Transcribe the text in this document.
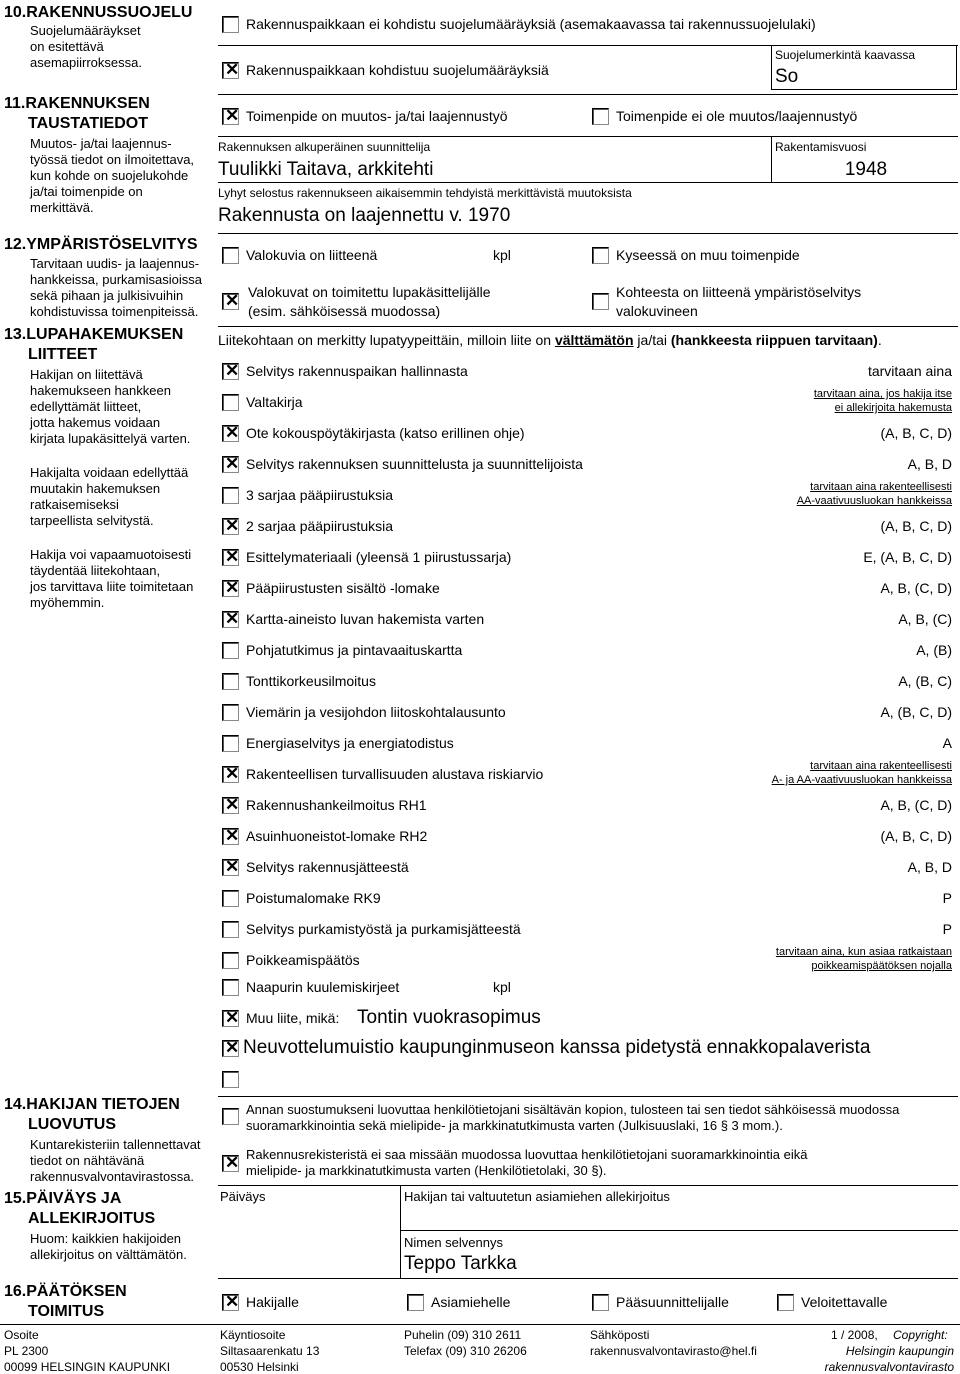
10.RAKENNUSSUOJELU
Suojelumääräykset
on esitettävä
asemapiirroksessa.
11.RAKENNUKSEN
TAUSTATIEDOT
Muutos- ja/tai laajennus-
työssä tiedot on ilmoitettava,
kun kohde on suojelukohde
ja/tai toimenpide on
merkittävä.
12.YMPÄRISTÖSELVITYS
Tarvitaan uudis- ja laajennus-
hankkeissa, purkamisasioissa
sekä pihaan ja julkisivuihin
kohdistuvissa toimenpiteissä.
13.LUPAHAKEMUKSEN
LIITTEET
Hakijan on liitettävä
hakemukseen hankkeen
edellyttämät liitteet,
jotta hakemus voidaan
kirjata lupakäsittelyä varten.
Hakijalta voidaan edellyttää
muutakin hakemuksen
ratkaisemiseksi
tarpeellista selvitystä.
Hakija voi vapaamuotoisesti
täydentää liitekohtaan,
jos tarvittava liite toimitetaan
myöhemmin.
14.HAKIJAN TIETOJEN
LUOVUTUS
Kuntarekisteriin tallennettavat
tiedot on nähtävänä
rakennusvalvontavirastossa.
15.PÄIVÄYS JA
ALLEKIRJOITUS
Huom: kaikkien hakijoiden
allekirjoitus on välttämätön.
16.PÄÄTÖKSEN
TOIMITUS
Rakennuspaikkaan ei kohdistu suojelumääräyksiä (asemakaavassa tai rakennussuojelulaki)
✕ Rakennuspaikkaan kohdistuu suojelumääräyksiä
Suojelumerkintä kaavassa
So
✕ Toimenpide on muutos- ja/tai laajennustyö	Toimenpide ei ole muutos/laajennustyö
Rakennuksen alkuperäinen suunnittelija
Tuulikki Taitava, arkkitehti
Rakentamisvuosi
1948
Lyhyt selostus rakennukseen aikaisemmin tehdyistä merkittävistä muutoksista
Rakennusta on laajennettu v. 1970
Valokuvia on liitteenä	kpl	Kyseessä on muu toimenpide
✕ Valokuvat on toimitettu lupakäsittelijälle
(esim. sähköisessä muodossa)
Kohteesta on liitteenä ympäristöselvitys
valokuvineen
Liitekohtaan on merkitty lupatyypeittäin, milloin liite on välttämätön ja/tai (hankkeesta riippuen tarvitaan).
✕ Selvitys rakennuspaikan hallinnasta	tarvitaan aina
Valtakirja	tarvitaan aina, jos hakija itse
ei allekirjoita hakemusta
✕ Ote kokouspöytäkirjasta (katso erillinen ohje)	(A, B, C, D)
✕ Selvitys rakennuksen suunnittelusta ja suunnittelijoista	A, B, D
3 sarjaa pääpiirustuksia	tarvitaan aina rakenteellisesti
AA-vaativuusluokan hankkeissa
✕ 2 sarjaa pääpiirustuksia	(A, B, C, D)
✕ Esittelymateriaali (yleensä 1 piirustussarja)	E, (A, B, C, D)
✕ Pääpiirustusten sisältö -lomake	A, B, (C, D)
✕ Kartta-aineisto luvan hakemista varten	A, B, (C)
Pohjatutkimus ja pintavaaituskartta	A, (B)
Tonttikorkeusilmoitus	A, (B, C)
Viemärin ja vesijohdon liitoskohtalausunto	A, (B, C, D)
Energiaselvitys ja energiatodistus	A
✕ Rakenteellisen turvallisuuden alustava riskiarvio	tarvitaan aina rakenteellisesti
A- ja AA-vaativuusluokan hankkeissa
✕ Rakennushankeilmoitus RH1	A, B, (C, D)
✕ Asuinhuoneistot-lomake RH2	(A, B, C, D)
✕ Selvitys rakennusjätteestä	A, B, D
Poistumalomake RK9	P
Selvitys purkamistyöstä ja purkamisjätteestä	P
Poikkeamispäätös	tarvitaan aina, kun asiaa ratkaistaan
poikkeamispäätöksen nojalla
Naapurin kuulemiskirjeet	kpl
✕ Muu liite, mikä: Tontin vuokrasopimus
✕ Neuvottelumuistio kaupunginmuseon kanssa pidetystä ennakkopalaverista
Annan suostumukseni luovuttaa henkilötietojani sisältävän kopion, tulosteen tai sen tiedot sähköisessä muodossa
suoramarkkinointia sekä mielipide- ja markkinatutkimusta varten (Julkisuuslaki, 16 § 3 mom.).
✕ Rakennusrekisteristä ei saa missään muodossa luovuttaa henkilötietojani suoramarkkinointia eikä
mielipide- ja markkinatutkimusta varten (Henkilötietolaki, 30 §).
Päiväys	Hakijan tai valtuutetun asiamiehen allekirjoitus
Nimen selvennys
Teppo Tarkka
✕ Hakijalle	Asiamiehelle	Pääsuunnittelijalle	Veloitettavalle
Osoite
PL 2300
00099 HELSINGIN KAUPUNKI
Käyntiosoite
Siltasaarenkatu 13
00530 Helsinki
Puhelin (09) 310 2611
Telefax (09) 310 26206
Sähköposti
rakennusvalvontavirasto@hel.fi
1 / 2008, Copyright:
Helsingin kaupungin
rakennusvalvontavirasto
